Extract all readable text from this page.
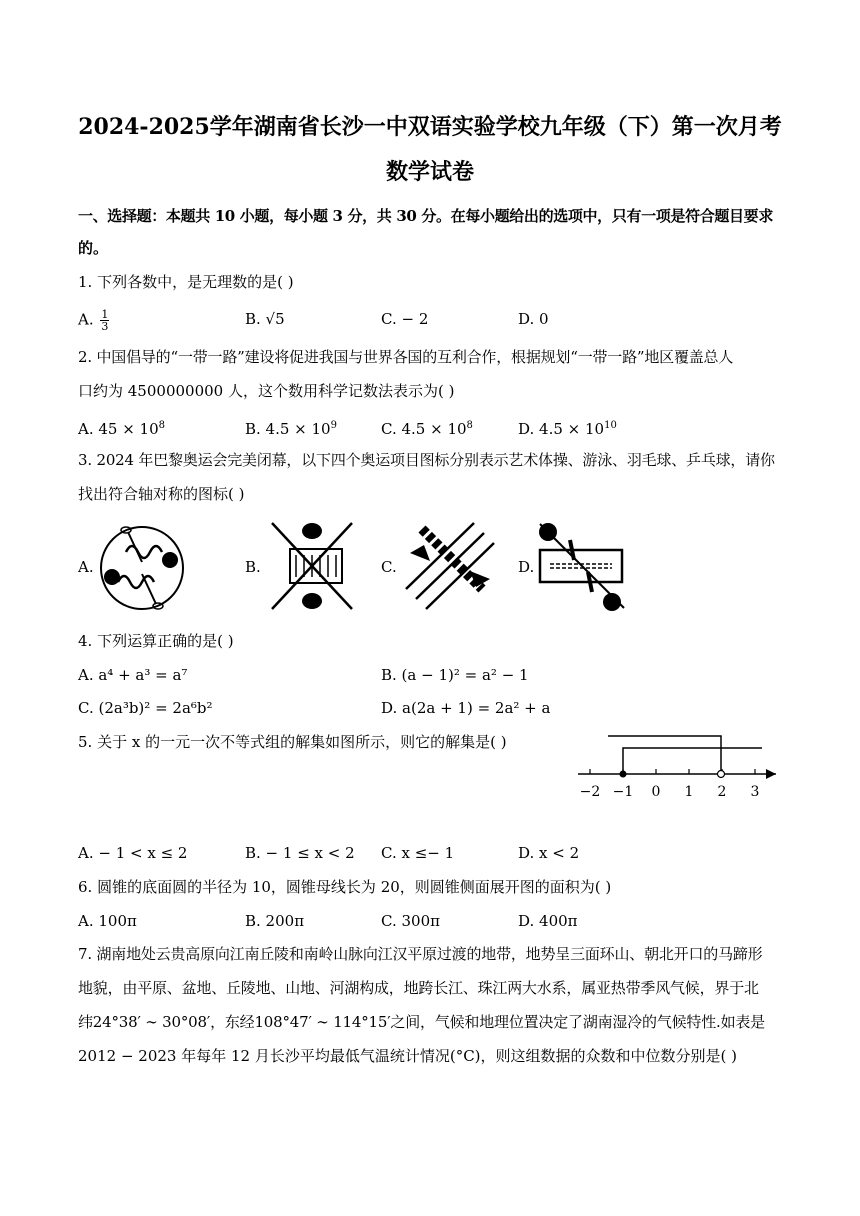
2024-2025学年湖南省长沙一中双语实验学校九年级（下）第一次月考
数学试卷
一、选择题：本题共 10 小题，每小题 3 分，共 30 分。在每小题给出的选项中，只有一项是符合题目要求
的。
1. 下列各数中，是无理数的是( )
A. $\frac{1}{3}$	B. √5	C. − 2	D. 0
2. 中国倡导的“一带一路”建设将促进我国与世界各国的互利合作，根据规划“一带一路”地区覆盖总人
口约为 4500000000 人，这个数用科学记数法表示为( )
A. $45 \times 10^8$	B. $4.5 \times 10^9$	C. $4.5 \times 10^8$	D. $4.5 \times 10^{10}$
3. 2024 年巴黎奥运会完美闭幕，以下四个奥运项目图标分别表示艺术体操、游泳、羽毛球、乒乓球，请你
找出符合轴对称的图标( )
A.	B.	C.	D.
4. 下列运算正确的是( )
A. a⁴ + a³ = a⁷	B. (a − 1)² = a² − 1
C. (2a³b)² = 2a⁶b²	D. a(2a + 1) = 2a² + a
5. 关于 x 的一元一次不等式组的解集如图所示，则它的解集是( )
−2 −1 0 1 2 3
A. − 1 < x ≤ 2	B. − 1 ≤ x < 2 C. x ≤− 1	D. x < 2
6. 圆锥的底面圆的半径为 10，圆锥母线长为 20，则圆锥侧面展开图的面积为( )
A. 100π	B. 200π	C. 300π	D. 400π
7. 湖南地处云贵高原向江南丘陵和南岭山脉向江汉平原过渡的地带，地势呈三面环山、朝北开口的马蹄形
地貌，由平原、盆地、丘陵地、山地、河湖构成，地跨长江、珠江两大水系，属亚热带季风气候，界于北
纬24°38′ ∼ 30°08′，东经108°47′ ∼ 114°15′之间，气候和地理位置决定了湖南湿冷的气候特性.如表是
2012 − 2023 年每年 12 月长沙平均最低气温统计情况(°C)，则这组数据的众数和中位数分别是( )
